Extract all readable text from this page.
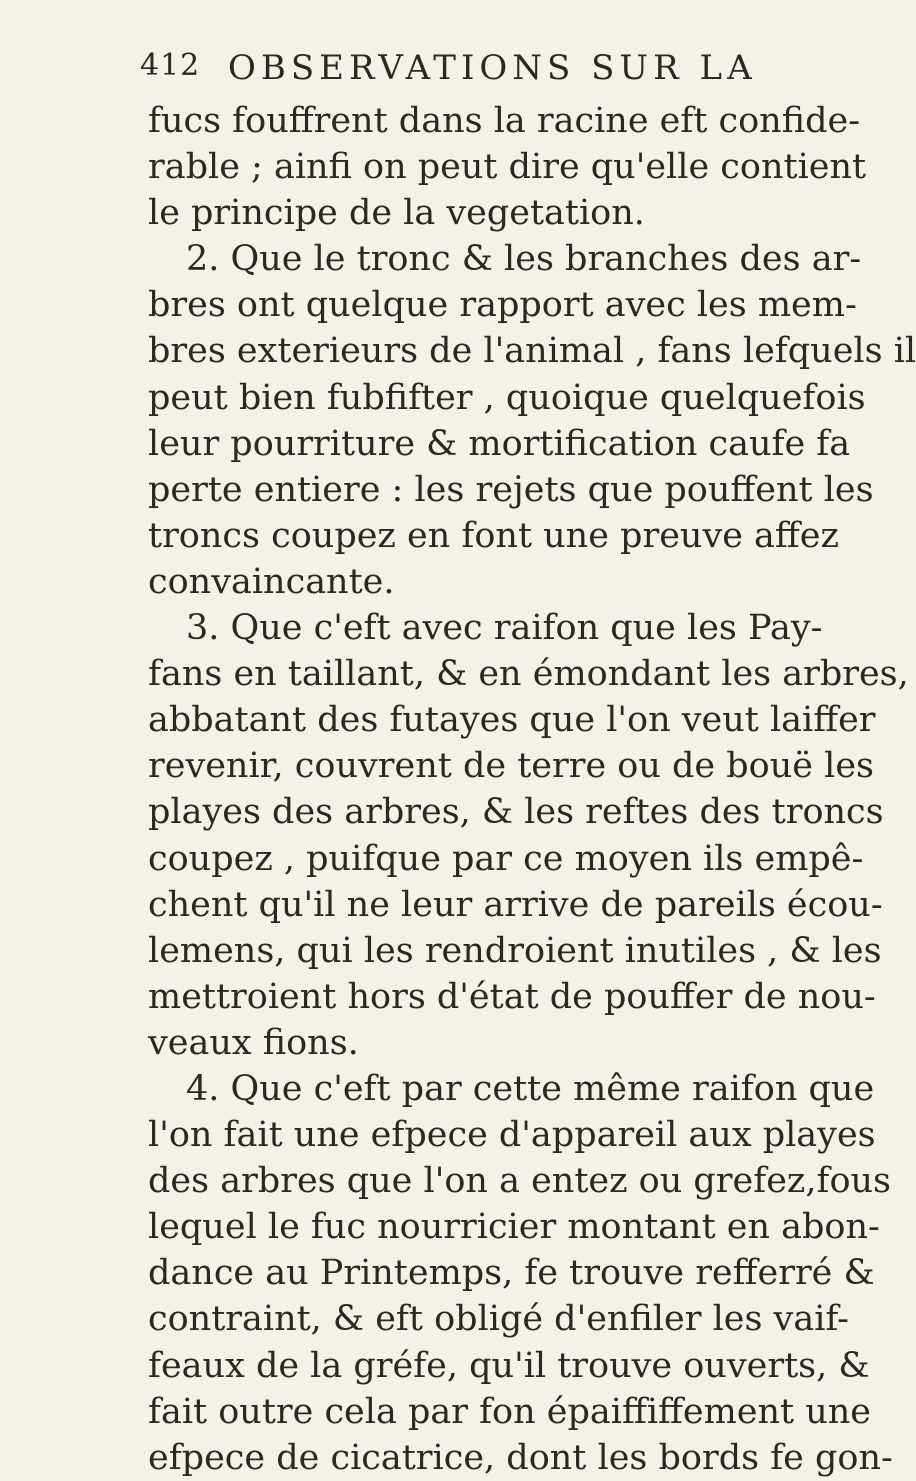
412 OBSERVATIONS SUR LA
fucs fouffrent dans la racine eft confide-
rable ; ainfi on peut dire qu'elle contient
le principe de la vegetation.
2. Que le tronc & les branches des ar-
bres ont quelque rapport avec les mem-
bres exterieurs de l'animal , fans lefquels il
peut bien fubfifter , quoique quelquefois
leur pourriture & mortification caufe fa
perte entiere : les rejets que pouffent les
troncs coupez en font une preuve affez
convaincante.
3. Que c'eft avec raifon que les Pay-
fans en taillant, & en émondant les arbres,
abbatant des futayes que l'on veut laiffer
revenir, couvrent de terre ou de bouë les
playes des arbres, & les reftes des troncs
coupez , puifque par ce moyen ils empê-
chent qu'il ne leur arrive de pareils écou-
lemens, qui les rendroient inutiles , & les
mettroient hors d'état de pouffer de nou-
veaux fions.
4. Que c'eft par cette même raifon que
l'on fait une efpece d'appareil aux playes
des arbres que l'on a entez ou grefez,fous
lequel le fuc nourricier montant en abon-
dance au Printemps, fe trouve refferré &
contraint, & eft obligé d'enfiler les vaif-
feaux de la gréfe, qu'il trouve ouverts, &
fait outre cela par fon épaiffiffement une
efpece de cicatrice, dont les bords fe gon-
